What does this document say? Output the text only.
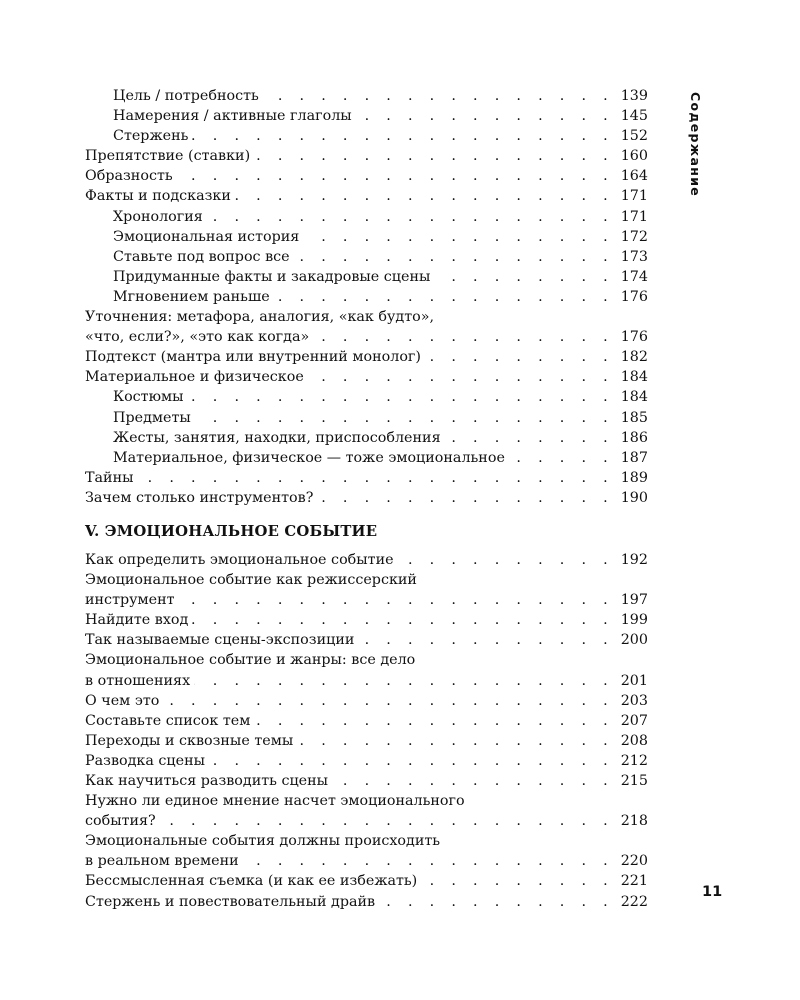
Цель / потребность . . .	139
Намерения / активные глаголы . . .	145
Стержень . . .	152
Препятствие (ставки) . . .	160
Образность . . .	164
Факты и подсказки . . .	171
Хронология . . .	171
Эмоциональная история . . .	172
Ставьте под вопрос все . . .	173
Придуманные факты и закадровые сцены . . .	174
Мгновением раньше . . .	176
Уточнения: метафора, аналогия, «как будто»,
«что, если?», «это как когда» . . .	176
Подтекст (мантра или внутренний монолог) . . .	182
Материальное и физическое . . .	184
Костюмы . . .	184
Предметы . . .	185
Жесты, занятия, находки, приспособления . . .	186
Материальное, физическое — тоже эмоциональное . . .	187
Тайны . . .	189
Зачем столько инструментов? . . .	190
V. ЭМОЦИОНАЛЬНОЕ СОБЫТИЕ
Как определить эмоциональное событие . . .	192
Эмоциональное событие как режиссерский
инструмент . . .	197
Найдите вход . . .	199
Так называемые сцены-экспозиции . . .	200
Эмоциональное событие и жанры: все дело
в отношениях . . .	201
О чем это . . .	203
Составьте список тем . . .	207
Переходы и сквозные темы . . .	208
Разводка сцены . . .	212
Как научиться разводить сцены . . .	215
Нужно ли единое мнение насчет эмоционального
события? . . .	218
Эмоциональные события должны происходить
в реальном времени . . .	220
Бессмысленная съемка (и как ее избежать) . . .	221
Стержень и повествовательный драйв . . .	222
Содержание
11
